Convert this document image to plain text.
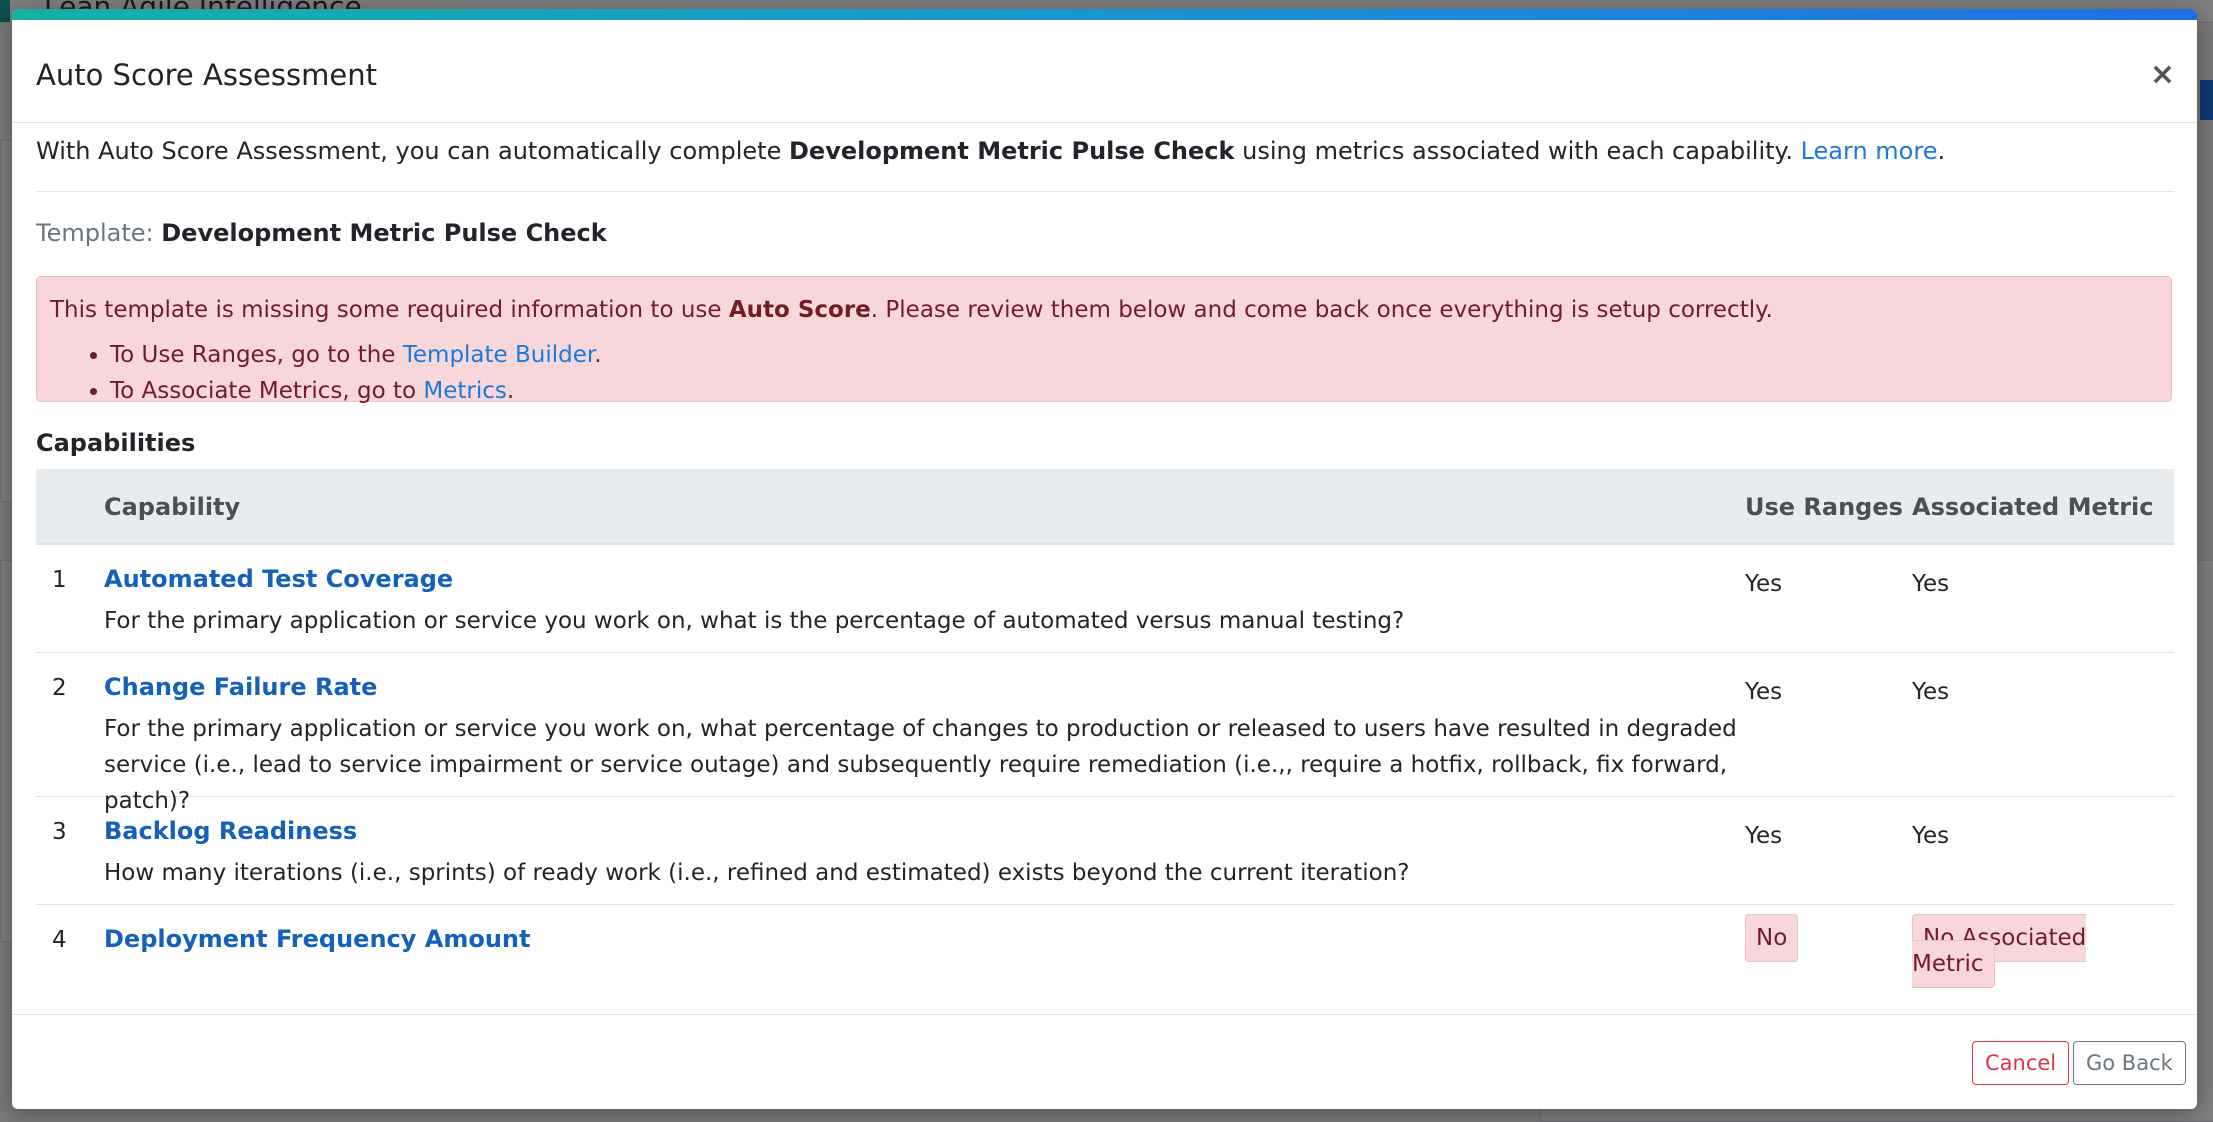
Auto Score Assessment	×
With Auto Score Assessment, you can automatically complete Development Metric Pulse Check using metrics associated with each capability. Learn more.
Template: Development Metric Pulse Check
This template is missing some required information to use Auto Score. Please review them below and come back once everything is setup correctly.
• To Use Ranges, go to the Template Builder.
• To Associate Metrics, go to Metrics.
Capabilities
Capability	Use Ranges Associated Metric
1 Automated Test Coverage
For the primary application or service you work on, what is the percentage of automated versus manual testing?
Yes	Yes
2 Change Failure Rate
For the primary application or service you work on, what percentage of changes to production or released to users have resulted in degraded service (i.e., lead to service impairment or service outage) and subsequently require remediation (i.e.,, require a hotfix, rollback, fix forward, patch)?
Yes	Yes
3 Backlog Readiness
How many iterations (i.e., sprints) of ready work (i.e., refined and estimated) exists beyond the current iteration?
Yes	Yes
4 Deployment Frequency Amount	No	No Associated Metric
Cancel	Go Back
